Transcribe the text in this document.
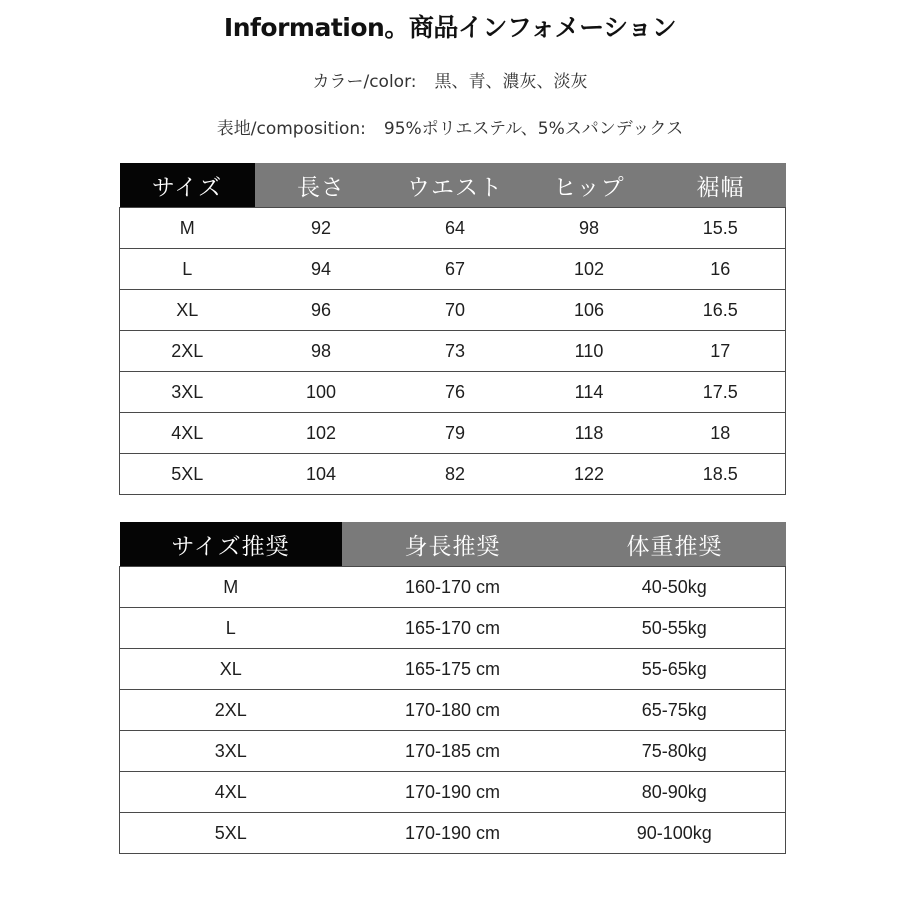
Information。商品インフォメーション
カラー/color: 黒、青、濃灰、淡灰
表地/composition: 95%ポリエステル、5%スパンデックス
サイズ	長さ	ウエスト	ヒップ	裾幅
M	92	64	98	15.5
L	94	67	102	16
XL	96	70	106	16.5
2XL	98	73	110	17
3XL	100	76	114	17.5
4XL	102	79	118	18
5XL	104	82	122	18.5
サイズ推奨	身長推奨	体重推奨
M	160-170 cm	40-50kg
L	165-170 cm	50-55kg
XL	165-175 cm	55-65kg
2XL	170-180 cm	65-75kg
3XL	170-185 cm	75-80kg
4XL	170-190 cm	80-90kg
5XL	170-190 cm	90-100kg
